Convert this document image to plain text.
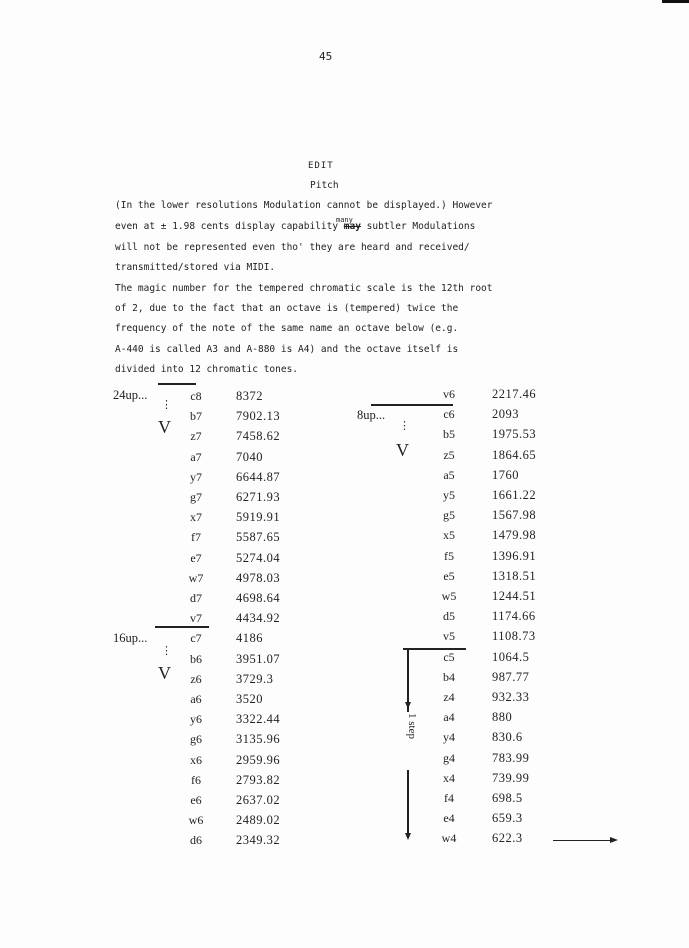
45
EDIT
Pitch
(In the lower resolutions Modulation cannot be displayed.) However
even at ± 1.98 cents display capability may subtler Modulations
many
will not be represented even tho' they are heard and received/
transmitted/stored via MIDI.
The magic number for the tempered chromatic scale is the 12th root
of 2, due to the fact that an octave is (tempered) twice the
frequency of the note of the same name an octave below (e.g.
A-440 is called A3 and A-880 is A4) and the octave itself is
divided into 12 chromatic tones.
c8	8372
b7	7902.13
z7	7458.62
a7	7040
y7	6644.87
g7	6271.93
x7	5919.91
f7	5587.65
e7	5274.04
w7	4978.03
d7	4698.64
v7	4434.92
c7	4186
b6	3951.07
z6	3729.3
a6	3520
y6	3322.44
g6	3135.96
x6	2959.96
f6	2793.82
e6	2637.02
w6	2489.02
d6	2349.32
v6	2217.46
c6	2093
b5	1975.53
z5	1864.65
a5	1760
y5	1661.22
g5	1567.98
x5	1479.98
f5	1396.91
e5	1318.51
w5	1244.51
d5	1174.66
v5	1108.73
c5	1064.5
b4	987.77
z4	932.33
a4	880
y4	830.6
g4	783.99
x4	739.99
f4	698.5
e4	659.3
w4	622.3
24up...
⋮
V
16up...
⋮
V
8up...
⋮
V
1 step
